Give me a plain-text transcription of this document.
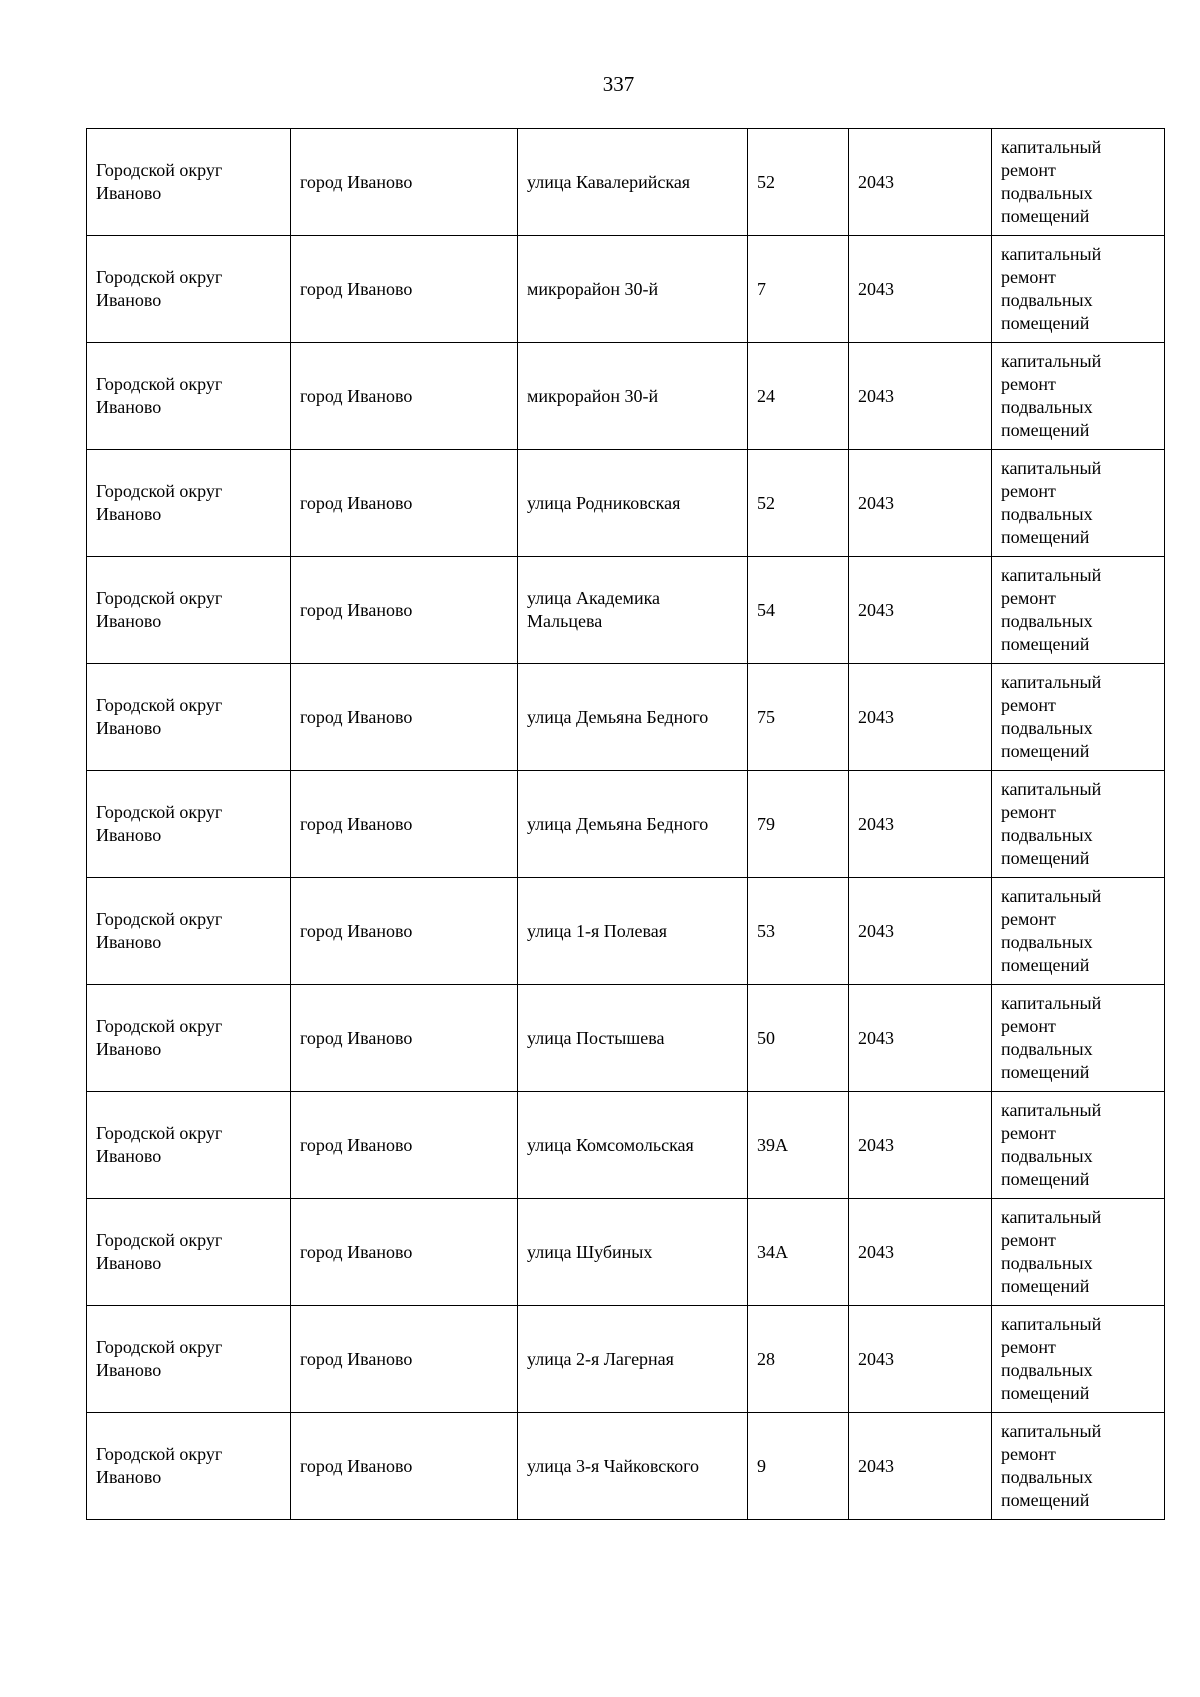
337
Городской округ Иваново	город Иваново	улица Кавалерийская	52	2043	капитальный ремонт подвальных помещений

Городской округ Иваново	город Иваново	микрорайон 30-й	7	2043	капитальный ремонт подвальных помещений

Городской округ Иваново	город Иваново	микрорайон 30-й	24	2043	капитальный ремонт подвальных помещений

Городской округ Иваново	город Иваново	улица Родниковская	52	2043	капитальный ремонт подвальных помещений

Городской округ Иваново	город Иваново	улица Академика Мальцева	54	2043	капитальный ремонт подвальных помещений

Городской округ Иваново	город Иваново	улица Демьяна Бедного	75	2043	капитальный ремонт подвальных помещений

Городской округ Иваново	город Иваново	улица Демьяна Бедного	79	2043	капитальный ремонт подвальных помещений

Городской округ Иваново	город Иваново	улица 1-я Полевая	53	2043	капитальный ремонт подвальных помещений

Городской округ Иваново	город Иваново	улица Постышева	50	2043	капитальный ремонт подвальных помещений

Городской округ Иваново	город Иваново	улица Комсомольская	39А	2043	капитальный ремонт подвальных помещений

Городской округ Иваново	город Иваново	улица Шубиных	34А	2043	капитальный ремонт подвальных помещений

Городской округ Иваново	город Иваново	улица 2-я Лагерная	28	2043	капитальный ремонт подвальных помещений

Городской округ Иваново	город Иваново	улица 3-я Чайковского	9	2043	капитальный ремонт подвальных помещений
